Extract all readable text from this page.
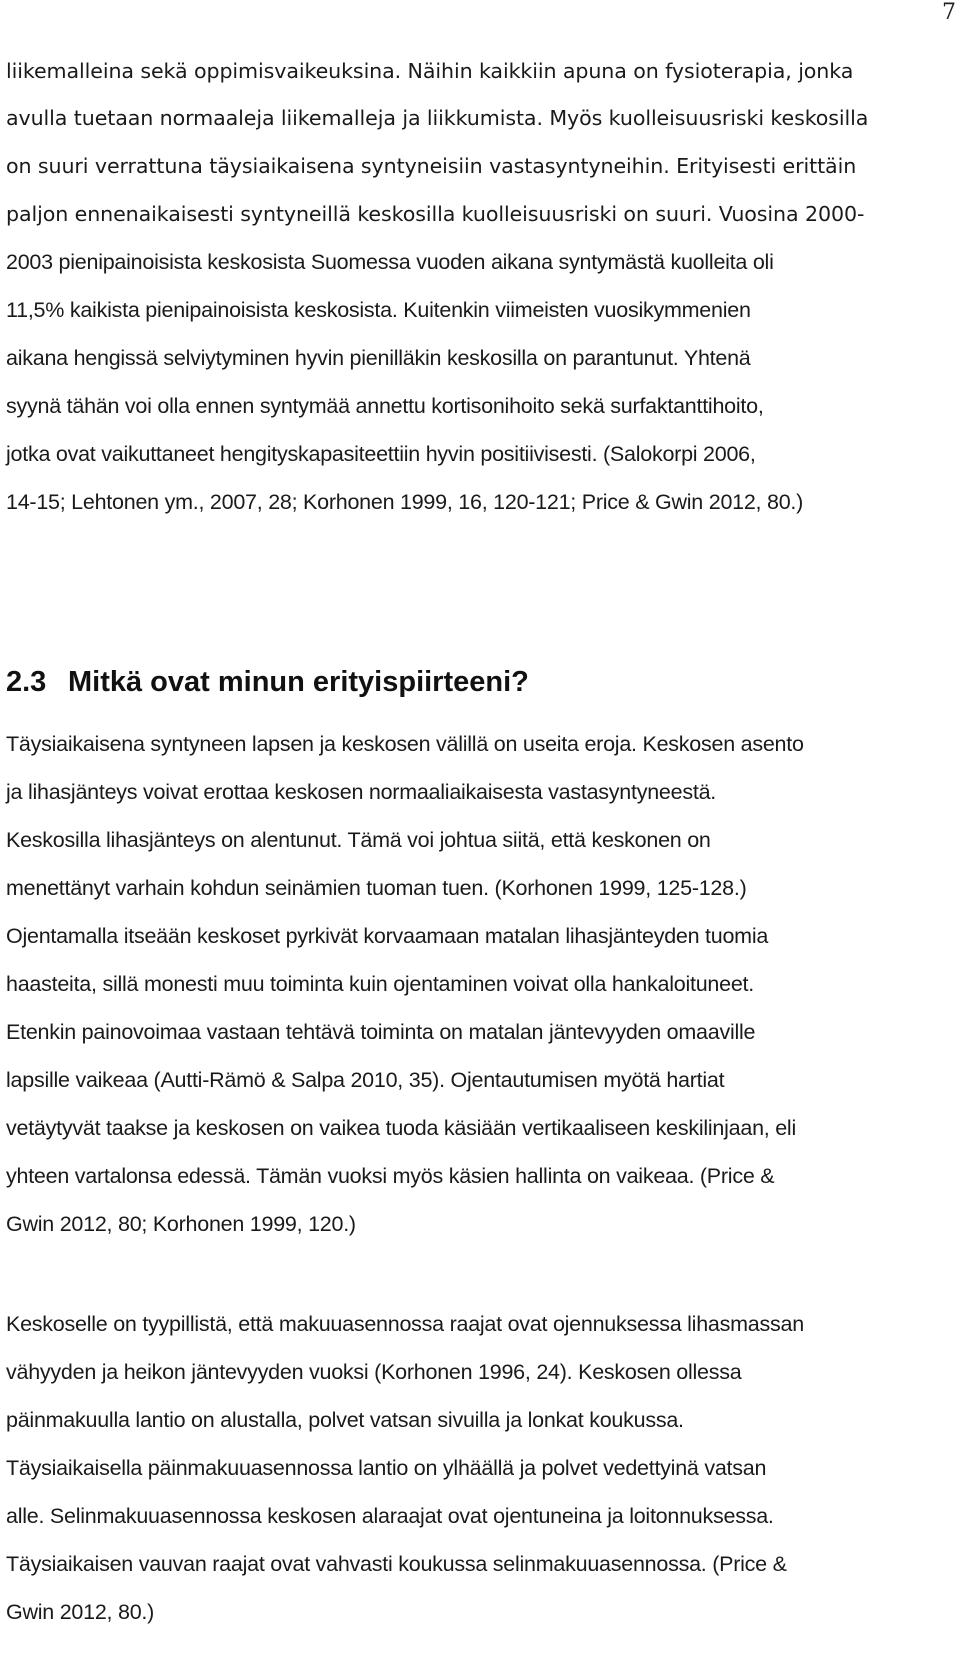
7
liikemalleina sekä oppimisvaikeuksina. Näihin kaikkiin apuna on fysioterapia, jonka
avulla tuetaan normaaleja liikemalleja ja liikkumista. Myös kuolleisuusriski keskosilla
on suuri verrattuna täysiaikaisena syntyneisiin vastasyntyneihin. Erityisesti erittäin
paljon ennenaikaisesti syntyneillä keskosilla kuolleisuusriski on suuri. Vuosina 2000-
2003 pienipainoisista keskosista Suomessa vuoden aikana syntymästä kuolleita oli
11,5% kaikista pienipainoisista keskosista. Kuitenkin viimeisten vuosikymmenien
aikana hengissä selviytyminen hyvin pienilläkin keskosilla on parantunut. Yhtenä
syynä tähän voi olla ennen syntymää annettu kortisonihoito sekä surfaktanttihoito,
jotka ovat vaikuttaneet hengityskapasiteettiin hyvin positiivisesti. (Salokorpi 2006,
14-15; Lehtonen ym., 2007, 28; Korhonen 1999, 16, 120-121; Price & Gwin 2012, 80.)
2.3 Mitkä ovat minun erityispiirteeni?
Täysiaikaisena syntyneen lapsen ja keskosen välillä on useita eroja. Keskosen asento
ja lihasjänteys voivat erottaa keskosen normaaliaikaisesta vastasyntyneestä.
Keskosilla lihasjänteys on alentunut. Tämä voi johtua siitä, että keskonen on
menettänyt varhain kohdun seinämien tuoman tuen. (Korhonen 1999, 125-128.)
Ojentamalla itseään keskoset pyrkivät korvaamaan matalan lihasjänteyden tuomia
haasteita, sillä monesti muu toiminta kuin ojentaminen voivat olla hankaloituneet.
Etenkin painovoimaa vastaan tehtävä toiminta on matalan jäntevyyden omaaville
lapsille vaikeaa (Autti-Rämö & Salpa 2010, 35). Ojentautumisen myötä hartiat
vetäytyvät taakse ja keskosen on vaikea tuoda käsiään vertikaaliseen keskilinjaan, eli
yhteen vartalonsa edessä. Tämän vuoksi myös käsien hallinta on vaikeaa. (Price &
Gwin 2012, 80; Korhonen 1999, 120.)
Keskoselle on tyypillistä, että makuuasennossa raajat ovat ojennuksessa lihasmassan
vähyyden ja heikon jäntevyyden vuoksi (Korhonen 1996, 24). Keskosen ollessa
päinmakuulla lantio on alustalla, polvet vatsan sivuilla ja lonkat koukussa.
Täysiaikaisella päinmakuuasennossa lantio on ylhäällä ja polvet vedettyinä vatsan
alle. Selinmakuuasennossa keskosen alaraajat ovat ojentuneina ja loitonnuksessa.
Täysiaikaisen vauvan raajat ovat vahvasti koukussa selinmakuuasennossa. (Price &
Gwin 2012, 80.)
